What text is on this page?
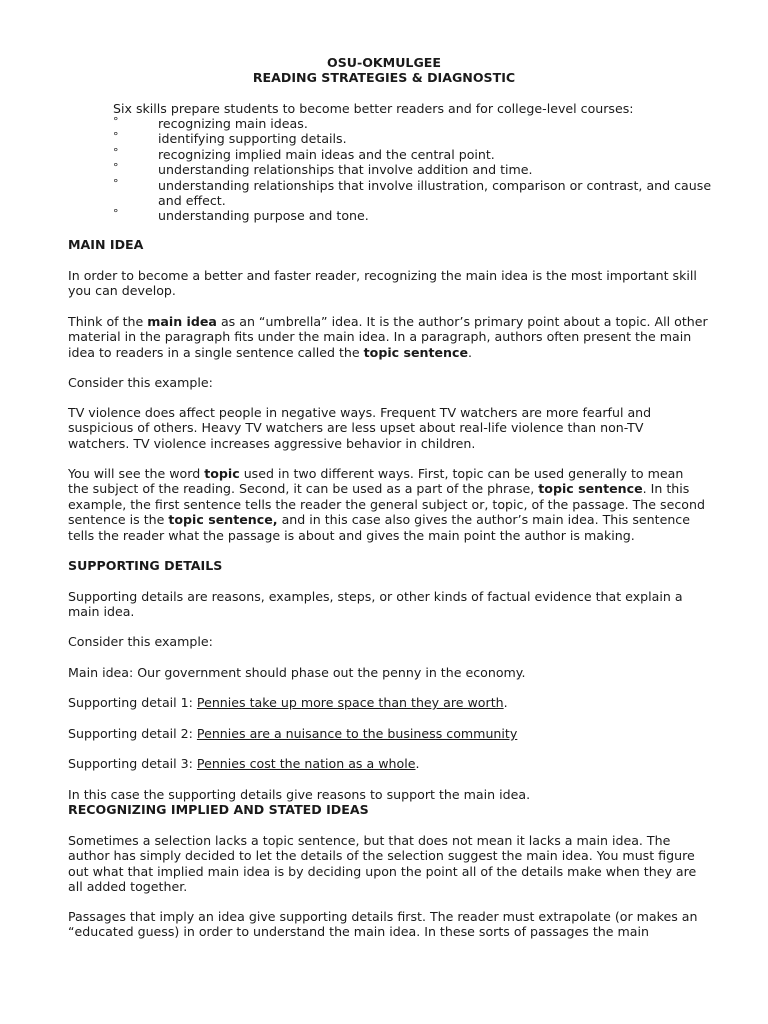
OSU-OKMULGEE
READING STRATEGIES & DIAGNOSTIC
Six skills prepare students to become better readers and for college-level courses:
°	recognizing main ideas.
°	identifying supporting details.
°	recognizing implied main ideas and the central point.
°	understanding relationships that involve addition and time.
°	understanding relationships that involve illustration, comparison or contrast, and cause and effect.
°	understanding purpose and tone.
MAIN IDEA

In order to become a better and faster reader, recognizing the main idea is the most important skill you can develop.

Think of the main idea as an “umbrella” idea. It is the author’s primary point about a topic. All other material in the paragraph fits under the main idea. In a paragraph, authors often present the main idea to readers in a single sentence called the topic sentence.

Consider this example:

TV violence does affect people in negative ways. Frequent TV watchers are more fearful and suspicious of others. Heavy TV watchers are less upset about real-life violence than non-TV watchers. TV violence increases aggressive behavior in children.

You will see the word topic used in two different ways. First, topic can be used generally to mean the subject of the reading. Second, it can be used as a part of the phrase, topic sentence. In this example, the first sentence tells the reader the general subject or, topic, of the passage. The second sentence is the topic sentence, and in this case also gives the author’s main idea. This sentence tells the reader what the passage is about and gives the main point the author is making.

SUPPORTING DETAILS

Supporting details are reasons, examples, steps, or other kinds of factual evidence that explain a main idea.

Consider this example:

Main idea: Our government should phase out the penny in the economy.

Supporting detail 1: Pennies take up more space than they are worth.

Supporting detail 2: Pennies are a nuisance to the business community

Supporting detail 3: Pennies cost the nation as a whole.

In this case the supporting details give reasons to support the main idea.

RECOGNIZING IMPLIED AND STATED IDEAS

Sometimes a selection lacks a topic sentence, but that does not mean it lacks a main idea. The author has simply decided to let the details of the selection suggest the main idea. You must figure out what that implied main idea is by deciding upon the point all of the details make when they are all added together.

Passages that imply an idea give supporting details first. The reader must extrapolate (or makes an “educated guess) in order to understand the main idea. In these sorts of passages the main
